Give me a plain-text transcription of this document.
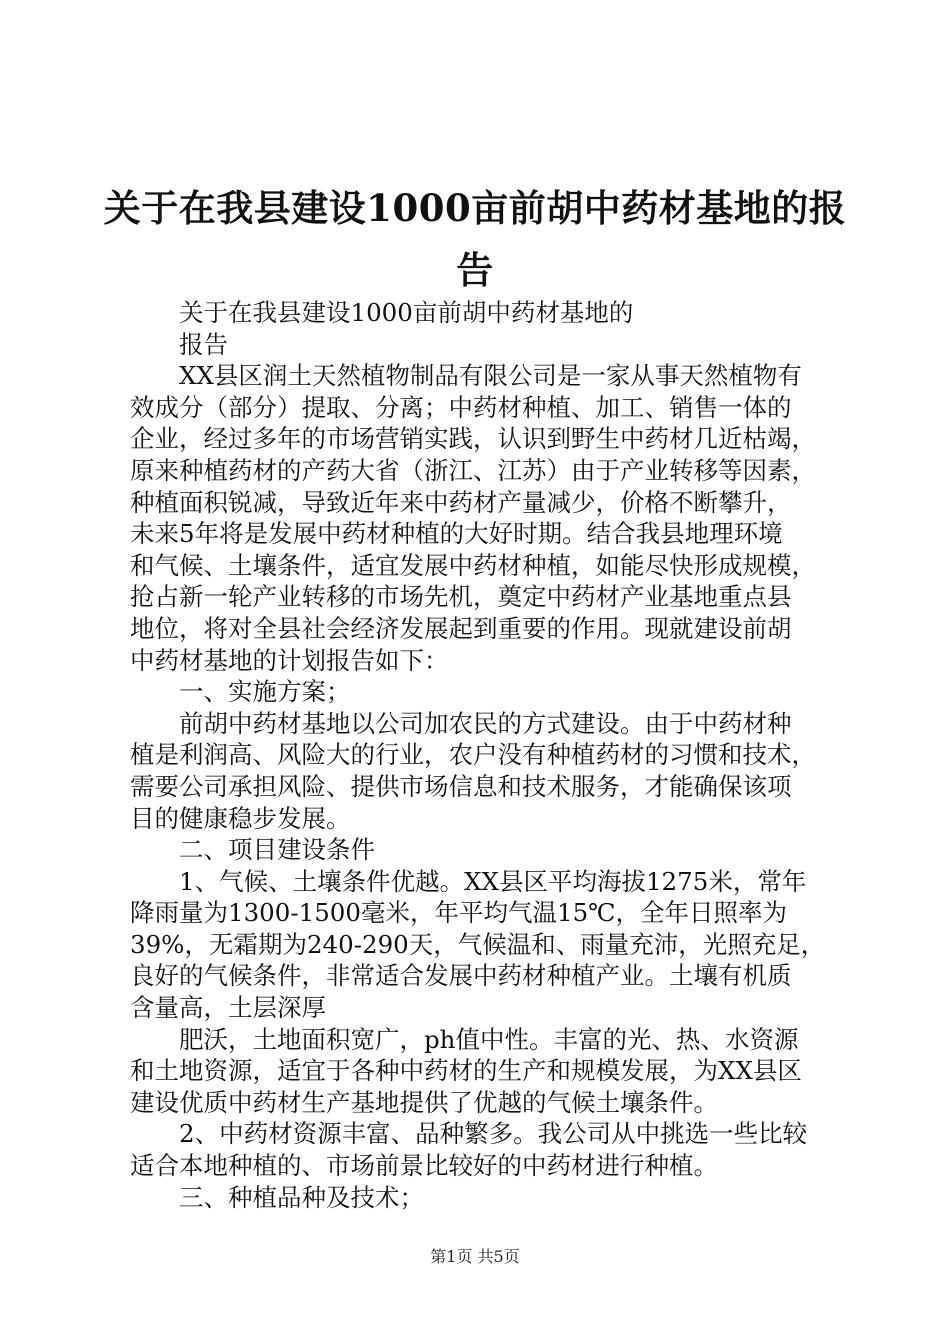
关于在我县建设1000亩前胡中药材基地的报
告
　　关于在我县建设1000亩前胡中药材基地的
　　报告
　　XX县区润土天然植物制品有限公司是一家从事天然植物有
效成分（部分）提取、分离；中药材种植、加工、销售一体的
企业，经过多年的市场营销实践，认识到野生中药材几近枯竭，
原来种植药材的产药大省（浙江、江苏）由于产业转移等因素，
种植面积锐减，导致近年来中药材产量减少，价格不断攀升，
未来5年将是发展中药材种植的大好时期。结合我县地理环境
和气候、土壤条件，适宜发展中药材种植，如能尽快形成规模，
抢占新一轮产业转移的市场先机，奠定中药材产业基地重点县
地位，将对全县社会经济发展起到重要的作用。现就建设前胡
中药材基地的计划报告如下：
　　一、实施方案；
　　前胡中药材基地以公司加农民的方式建设。由于中药材种
植是利润高、风险大的行业，农户没有种植药材的习惯和技术，
需要公司承担风险、提供市场信息和技术服务，才能确保该项
目的健康稳步发展。
　　二、项目建设条件
　　1、气候、土壤条件优越。XX县区平均海拔1275米，常年
降雨量为1300-1500毫米，年平均气温15℃，全年日照率为
39%，无霜期为240-290天，气候温和、雨量充沛，光照充足，
良好的气候条件，非常适合发展中药材种植产业。土壤有机质
含量高，土层深厚
　　肥沃，土地面积宽广，ph值中性。丰富的光、热、水资源
和土地资源，适宜于各种中药材的生产和规模发展，为XX县区
建设优质中药材生产基地提供了优越的气候土壤条件。
　　2、中药材资源丰富、品种繁多。我公司从中挑选一些比较
适合本地种植的、市场前景比较好的中药材进行种植。
　　三、种植品种及技术；
第1页 共5页
